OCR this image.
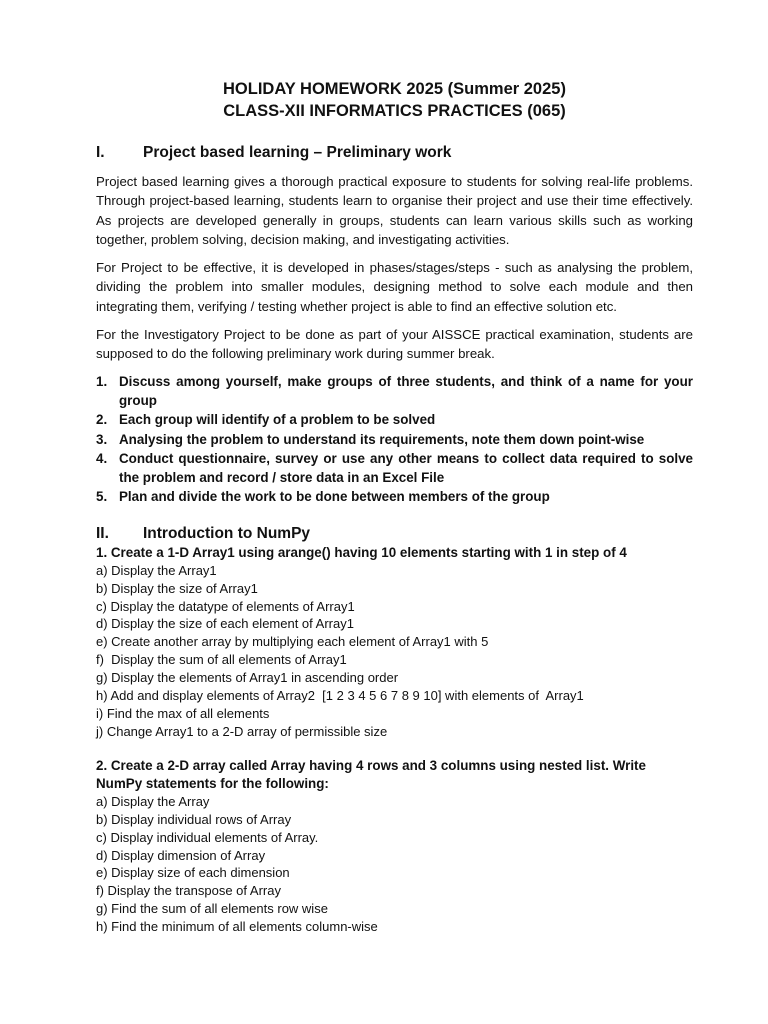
HOLIDAY HOMEWORK 2025 (Summer 2025)
CLASS-XII INFORMATICS PRACTICES (065)
I.	Project based learning – Preliminary work

Project based learning gives a thorough practical exposure to students for solving real-life problems. Through project-based learning, students learn to organise their project and use their time effectively. As projects are developed generally in groups, students can learn various skills such as working together, problem solving, decision making, and investigating activities.

For Project to be effective, it is developed in phases/stages/steps - such as analysing the problem, dividing the problem into smaller modules, designing method to solve each module and then integrating them, verifying / testing whether project is able to find an effective solution etc.

For the Investigatory Project to be done as part of your AISSCE practical examination, students are supposed to do the following preliminary work during summer break.

1. Discuss among yourself, make groups of three students, and think of a name for your group
2. Each group will identify of a problem to be solved
3. Analysing the problem to understand its requirements, note them down point-wise
4. Conduct questionnaire, survey or use any other means to collect data required to solve the problem and record / store data in an Excel File
5. Plan and divide the work to be done between members of the group
II.	Introduction to NumPy
1. Create a 1-D Array1 using arange() having 10 elements starting with 1 in step of 4
a) Display the Array1
b) Display the size of Array1
c) Display the datatype of elements of Array1
d) Display the size of each element of Array1
e) Create another array by multiplying each element of Array1 with 5
f)  Display the sum of all elements of Array1
g) Display the elements of Array1 in ascending order
h) Add and display elements of Array2  [1 2 3 4 5 6 7 8 9 10] with elements of  Array1
i) Find the max of all elements
j) Change Array1 to a 2-D array of permissible size
2. Create a 2-D array called Array having 4 rows and 3 columns using nested list. Write NumPy statements for the following:
a) Display the Array
b) Display individual rows of Array
c) Display individual elements of Array.
d) Display dimension of Array
e) Display size of each dimension
f) Display the transpose of Array
g) Find the sum of all elements row wise
h) Find the minimum of all elements column-wise
